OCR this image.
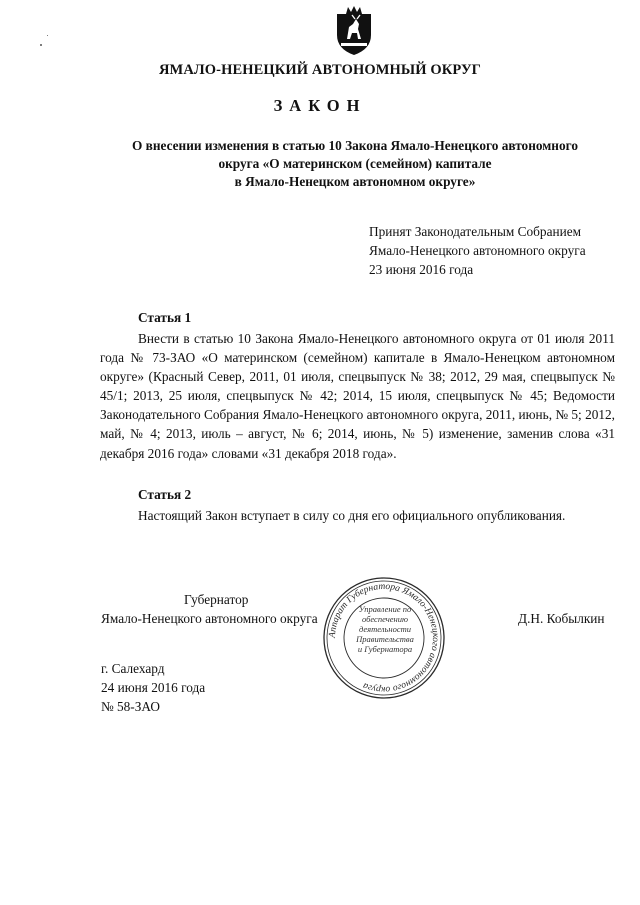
ЯМАЛО-НЕНЕЦКИЙ АВТОНОМНЫЙ ОКРУГ
ЗАКОН
О внесении изменения в статью 10 Закона Ямало-Ненецкого автономного
округа «О материнском (семейном) капитале
в Ямало-Ненецком автономном округе»
Принят Законодательным Собранием
Ямало-Ненецкого автономного округа
23 июня 2016 года
Статья 1

Внести в статью 10 Закона Ямало-Ненецкого автономного округа от 01 июля 2011 года № 73-ЗАО «О материнском (семейном) капитале в Ямало-Ненецком автономном округе» (Красный Север, 2011, 01 июля, спецвыпуск № 38; 2012, 29 мая, спецвыпуск № 45/1; 2013, 25 июля, спецвыпуск № 42; 2014, 15 июля, спецвыпуск № 45; Ведомости Законодательного Собрания Ямало-Ненецкого автономного округа, 2011, июнь, № 5; 2012, май, № 4; 2013, июль – август, № 6; 2014, июнь, № 5) изменение, заменив слова «31 декабря 2016 года» словами «31 декабря 2018 года».

Статья 2

Настоящий Закон вступает в силу со дня его официального опубликования.

Губернатор
Ямало-Ненецкого автономного округа	Д.Н. Кобылкин
Аппарат Губернатора Ямало-Ненецкого автономного округа
Управление по
обеспечению
деятельности
Правительства
и Губернатора
г. Салехард
24 июня 2016 года
№ 58-ЗАО
